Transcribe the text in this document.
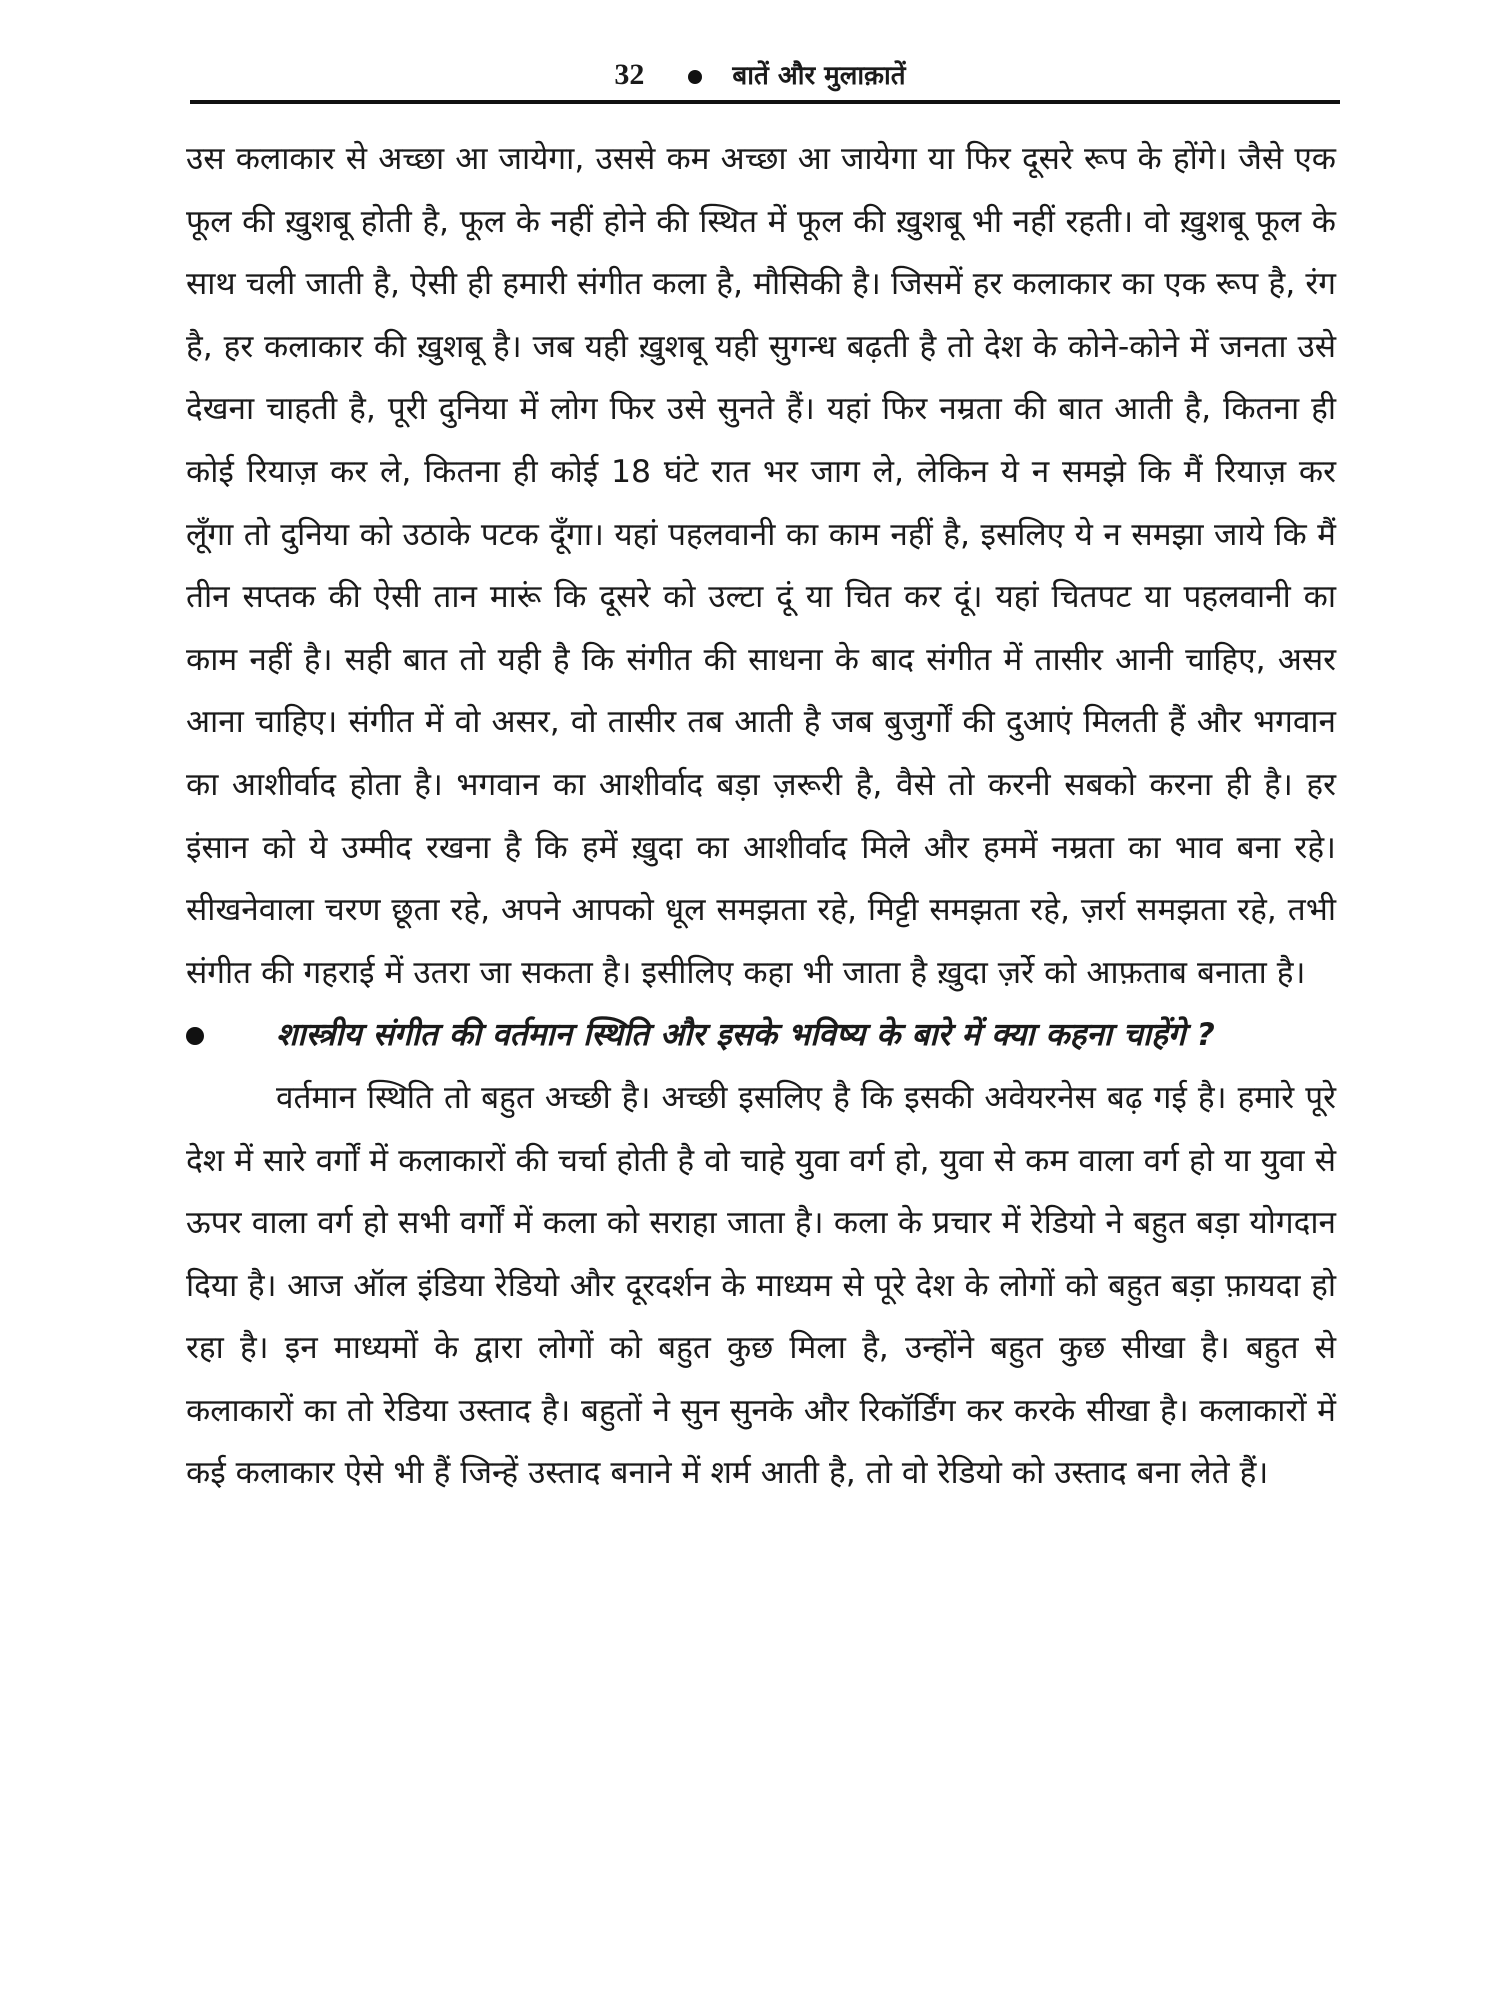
32	बातें और मुलाक़ातें

उस कलाकार से अच्छा आ जायेगा, उससे कम अच्छा आ जायेगा या फिर दूसरे रूप के होंगे। जैसे एक फूल की ख़ुशबू होती है, फूल के नहीं होने की स्थित में फूल की ख़ुशबू भी नहीं रहती। वो ख़ुशबू फूल के साथ चली जाती है, ऐसी ही हमारी संगीत कला है, मौसिकी है। जिसमें हर कलाकार का एक रूप है, रंग है, हर कलाकार की ख़ुशबू है। जब यही ख़ुशबू यही सुगन्ध बढ़ती है तो देश के कोने-कोने में जनता उसे देखना चाहती है, पूरी दुनिया में लोग फिर उसे सुनते हैं। यहां फिर नम्रता की बात आती है, कितना ही कोई रियाज़ कर ले, कितना ही कोई 18 घंटे रात भर जाग ले, लेकिन ये न समझे कि मैं रियाज़ कर लूँगा तो दुनिया को उठाके पटक दूँगा। यहां पहलवानी का काम नहीं है, इसलिए ये न समझा जाये कि मैं तीन सप्तक की ऐसी तान मारूं कि दूसरे को उल्टा दूं या चित कर दूं। यहां चितपट या पहलवानी का काम नहीं है। सही बात तो यही है कि संगीत की साधना के बाद संगीत में तासीर आनी चाहिए, असर आना चाहिए। संगीत में वो असर, वो तासीर तब आती है जब बुजुर्गों की दुआएं मिलती हैं और भगवान का आशीर्वाद होता है। भगवान का आशीर्वाद बड़ा ज़रूरी है, वैसे तो करनी सबको करना ही है। हर इंसान को ये उम्मीद रखना है कि हमें ख़ुदा का आशीर्वाद मिले और हममें नम्रता का भाव बना रहे। सीखनेवाला चरण छूता रहे, अपने आपको धूल समझता रहे, मिट्टी समझता रहे, ज़र्रा समझता रहे, तभी संगीत की गहराई में उतरा जा सकता है। इसीलिए कहा भी जाता है ख़ुदा ज़र्रे को आफ़ताब बनाता है।

शास्त्रीय संगीत की वर्तमान स्थिति और इसके भविष्य के बारे में क्या कहना चाहेंगे ?

वर्तमान स्थिति तो बहुत अच्छी है। अच्छी इसलिए है कि इसकी अवेयरनेस बढ़ गई है। हमारे पूरे देश में सारे वर्गों में कलाकारों की चर्चा होती है वो चाहे युवा वर्ग हो, युवा से कम वाला वर्ग हो या युवा से ऊपर वाला वर्ग हो सभी वर्गों में कला को सराहा जाता है। कला के प्रचार में रेडियो ने बहुत बड़ा योगदान दिया है। आज ऑल इंडिया रेडियो और दूरदर्शन के माध्यम से पूरे देश के लोगों को बहुत बड़ा फ़ायदा हो रहा है। इन माध्यमों के द्वारा लोगों को बहुत कुछ मिला है, उन्होंने बहुत कुछ सीखा है। बहुत से कलाकारों का तो रेडिया उस्ताद है। बहुतों ने सुन सुनके और रिकॉर्डिंग कर करके सीखा है। कलाकारों में कई कलाकार ऐसे भी हैं जिन्हें उस्ताद बनाने में शर्म आती है, तो वो रेडियो को उस्ताद बना लेते हैं।
